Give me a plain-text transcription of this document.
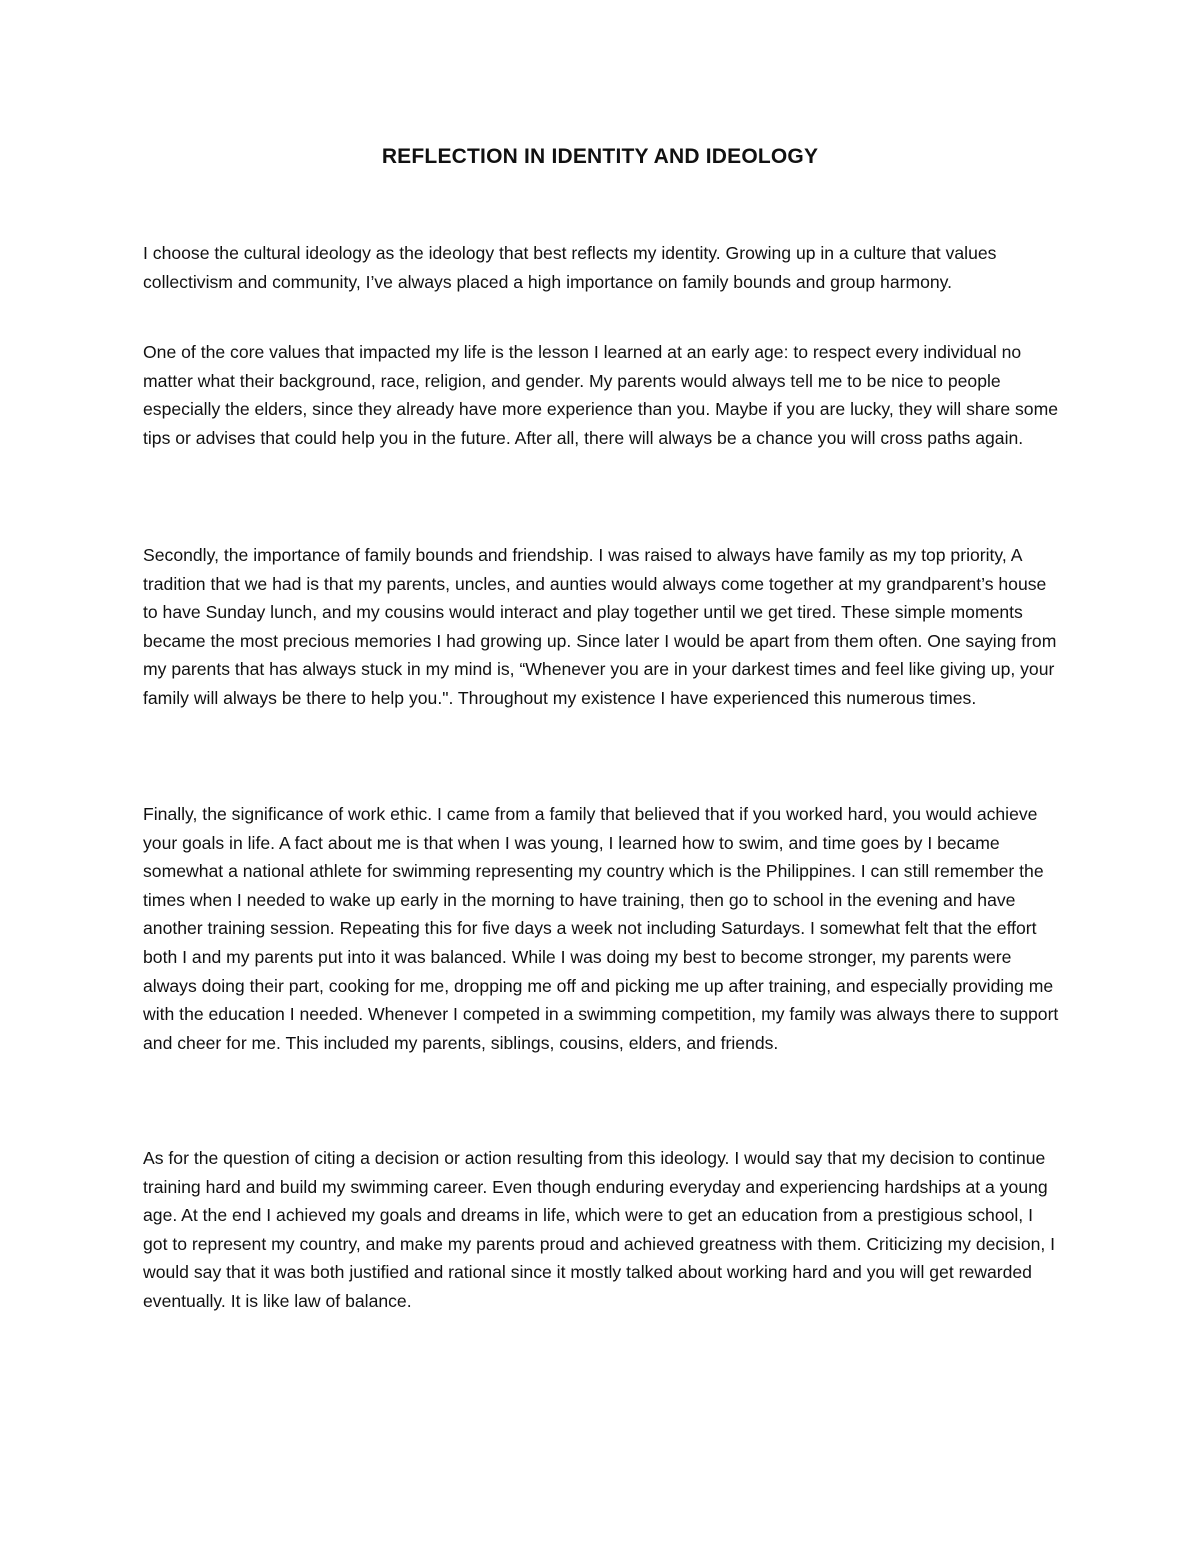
REFLECTION IN IDENTITY AND IDEOLOGY

I choose the cultural ideology as the ideology that best reflects my identity. Growing up in a culture that values collectivism and community, I’ve always placed a high importance on family bounds and group harmony.

One of the core values that impacted my life is the lesson I learned at an early age: to respect every individual no matter what their background, race, religion, and gender. My parents would always tell me to be nice to people especially the elders, since they already have more experience than you. Maybe if you are lucky, they will share some tips or advises that could help you in the future. After all, there will always be a chance you will cross paths again.

Secondly, the importance of family bounds and friendship. I was raised to always have family as my top priority, A tradition that we had is that my parents, uncles, and aunties would always come together at my grandparent’s house to have Sunday lunch, and my cousins would interact and play together until we get tired. These simple moments became the most precious memories I had growing up. Since later I would be apart from them often. One saying from my parents that has always stuck in my mind is, “Whenever you are in your darkest times and feel like giving up, your family will always be there to help you.". Throughout my existence I have experienced this numerous times.

Finally, the significance of work ethic. I came from a family that believed that if you worked hard, you would achieve your goals in life. A fact about me is that when I was young, I learned how to swim, and time goes by I became somewhat a national athlete for swimming representing my country which is the Philippines. I can still remember the times when I needed to wake up early in the morning to have training, then go to school in the evening and have another training session. Repeating this for five days a week not including Saturdays. I somewhat felt that the effort both I and my parents put into it was balanced. While I was doing my best to become stronger, my parents were always doing their part, cooking for me, dropping me off and picking me up after training, and especially providing me with the education I needed. Whenever I competed in a swimming competition, my family was always there to support and cheer for me. This included my parents, siblings, cousins, elders, and friends.

As for the question of citing a decision or action resulting from this ideology. I would say that my decision to continue training hard and build my swimming career. Even though enduring everyday and experiencing hardships at a young age. At the end I achieved my goals and dreams in life, which were to get an education from a prestigious school, I got to represent my country, and make my parents proud and achieved greatness with them. Criticizing my decision, I would say that it was both justified and rational since it mostly talked about working hard and you will get rewarded eventually. It is like law of balance.
